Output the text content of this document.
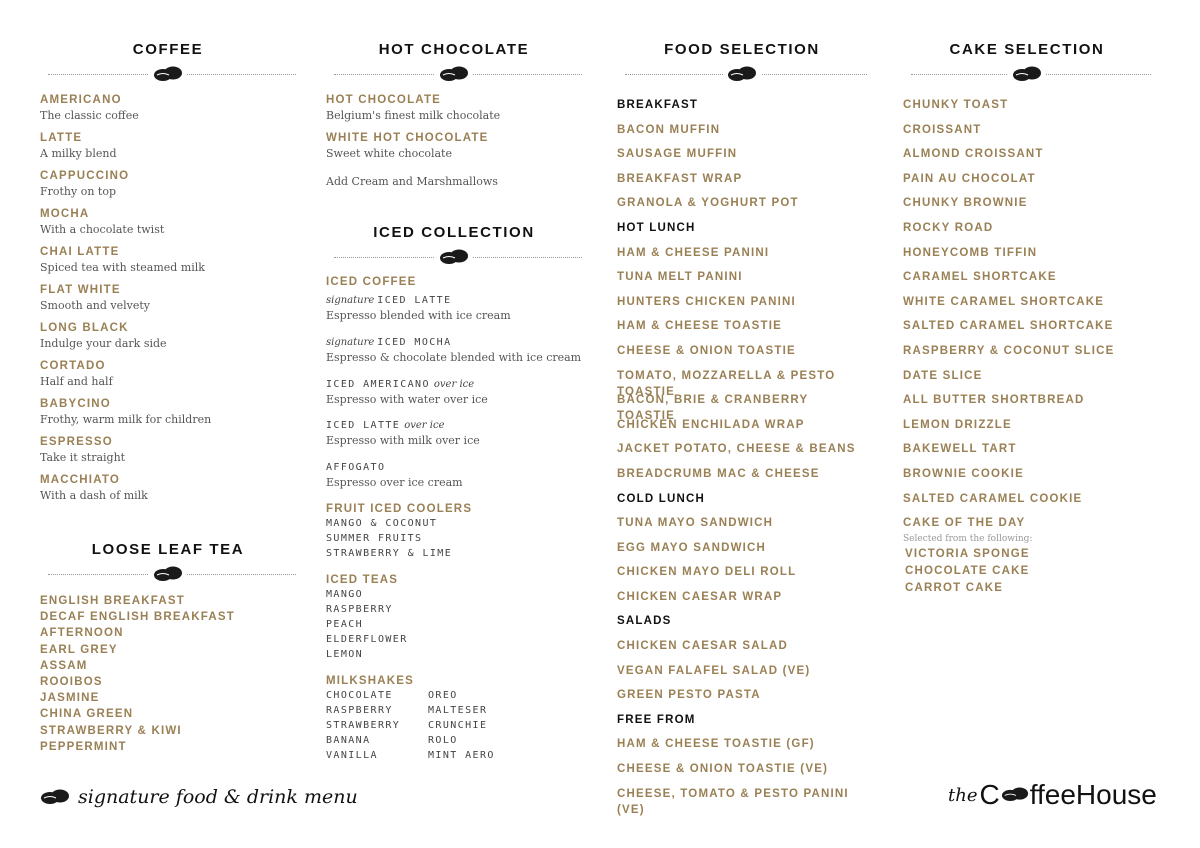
COFFEE
AMERICANO
The classic coffee
LATTE
A milky blend
CAPPUCCINO
Frothy on top
MOCHA
With a chocolate twist
CHAI LATTE
Spiced tea with steamed milk
FLAT WHITE
Smooth and velvety
LONG BLACK
Indulge your dark side
CORTADO
Half and half
BABYCINO
Frothy, warm milk for children
ESPRESSO
Take it straight
MACCHIATO
With a dash of milk
LOOSE LEAF TEA
ENGLISH BREAKFAST
DECAF ENGLISH BREAKFAST
AFTERNOON
EARL GREY
ASSAM
ROOIBOS
JASMINE
CHINA GREEN
STRAWBERRY & KIWI
PEPPERMINT
HOT CHOCOLATE
HOT CHOCOLATE
Belgium's finest milk chocolate
WHITE HOT CHOCOLATE
Sweet white chocolate
Add Cream and Marshmallows
ICED COLLECTION
ICED COFFEE
signature ICED LATTE
Espresso blended with ice cream
signature ICED MOCHA
Espresso & chocolate blended with ice cream
ICED AMERICANO over ice
Espresso with water over ice
ICED LATTE over ice
Espresso with milk over ice
AFFOGATO
Espresso over ice cream
FRUIT ICED COOLERS
MANGO & COCONUT
SUMMER FRUITS
STRAWBERRY & LIME
ICED TEAS
MANGO
RASPBERRY
PEACH
ELDERFLOWER
LEMON
MILKSHAKES
CHOCOLATE
RASPBERRY
STRAWBERRY
BANANA
VANILLA
OREO
MALTESER
CRUNCHIE
ROLO
MINT AERO
FOOD SELECTION
BREAKFAST
BACON MUFFIN
SAUSAGE MUFFIN
BREAKFAST WRAP
GRANOLA & YOGHURT POT
HOT LUNCH
HAM & CHEESE PANINI
TUNA MELT PANINI
HUNTERS CHICKEN PANINI
HAM & CHEESE TOASTIE
CHEESE & ONION TOASTIE
TOMATO, MOZZARELLA & PESTO TOASTIE
BACON, BRIE & CRANBERRY TOASTIE
CHICKEN ENCHILADA WRAP
JACKET POTATO, CHEESE & BEANS
BREADCRUMB MAC & CHEESE
COLD LUNCH
TUNA MAYO SANDWICH
EGG MAYO SANDWICH
CHICKEN MAYO DELI ROLL
CHICKEN CAESAR WRAP
SALADS
CHICKEN CAESAR SALAD
VEGAN FALAFEL SALAD (VE)
GREEN PESTO PASTA
FREE FROM
HAM & CHEESE TOASTIE (GF)
CHEESE & ONION TOASTIE (VE)
CHEESE, TOMATO & PESTO PANINI (VE)
CAKE SELECTION
CHUNKY TOAST
CROISSANT
ALMOND CROISSANT
PAIN AU CHOCOLAT
CHUNKY BROWNIE
ROCKY ROAD
HONEYCOMB TIFFIN
CARAMEL SHORTCAKE
WHITE CARAMEL SHORTCAKE
SALTED CARAMEL SHORTCAKE
RASPBERRY & COCONUT SLICE
DATE SLICE
ALL BUTTER SHORTBREAD
LEMON DRIZZLE
BAKEWELL TART
BROWNIE COOKIE
SALTED CARAMEL COOKIE
CAKE OF THE DAY
Selected from the following:
VICTORIA SPONGE
CHOCOLATE CAKE
CARROT CAKE
signature food & drink menu	the C ffeeHouse
